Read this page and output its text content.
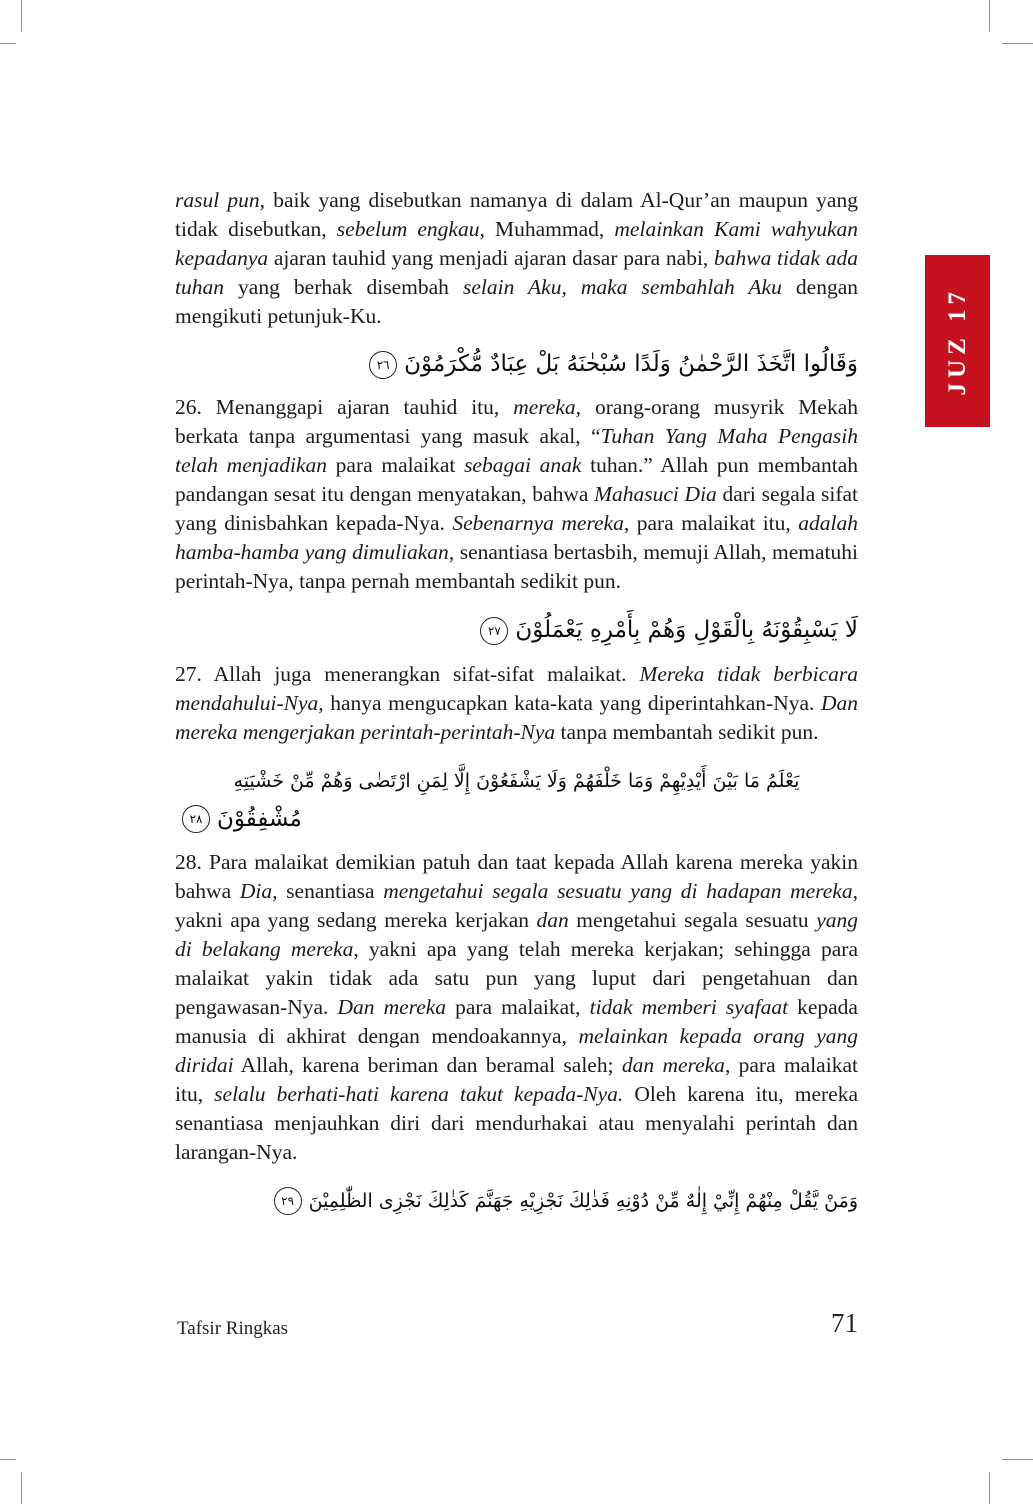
JUZ 17

rasul pun, baik yang disebutkan namanya di dalam Al-Qur’an maupun yang tidak disebutkan, sebelum engkau, Muhammad, melainkan Kami wahyukan kepadanya ajaran tauhid yang menjadi ajaran dasar para nabi, bahwa tidak ada tuhan yang berhak disembah selain Aku, maka sembahlah Aku dengan mengikuti petunjuk-Ku.

وَقَالُوا اتَّخَذَ الرَّحْمٰنُ وَلَدًا سُبْحٰنَهُ بَلْ عِبَادٌ مُّكْرَمُوْنَ٢٦

26. Menanggapi ajaran tauhid itu, mereka, orang-orang musyrik Mekah berkata tanpa argumentasi yang masuk akal, “Tuhan Yang Maha Pengasih telah menjadikan para malaikat sebagai anak tuhan.” Allah pun membantah pandangan sesat itu dengan menyatakan, bahwa Mahasuci Dia dari segala sifat yang dinisbahkan kepada-Nya. Sebenarnya mereka, para malaikat itu, adalah hamba-hamba yang dimuliakan, senantiasa bertasbih, memuji Allah, mematuhi perintah-Nya, tanpa pernah membantah sedikit pun.

لَا يَسْبِقُوْنَهُ بِالْقَوْلِ وَهُمْ بِأَمْرِهِ يَعْمَلُوْنَ٢٧

27. Allah juga menerangkan sifat-sifat malaikat. Mereka tidak berbicara mendahului-Nya, hanya mengucapkan kata-kata yang diperintahkan-Nya. Dan mereka mengerjakan perintah-perintah-Nya tanpa membantah sedikit pun.

يَعْلَمُ مَا بَيْنَ أَيْدِيْهِمْ وَمَا خَلْفَهُمْ وَلَا يَشْفَعُوْنَ إِلَّا لِمَنِ ارْتَضٰى وَهُمْ مِّنْ خَشْيَتِهِ
مُشْفِقُوْنَ٢٨

28. Para malaikat demikian patuh dan taat kepada Allah karena mereka yakin bahwa Dia, senantiasa mengetahui segala sesuatu yang di hadapan mereka, yakni apa yang sedang mereka kerjakan dan mengetahui segala sesuatu yang di belakang mereka, yakni apa yang telah mereka kerjakan; sehingga para malaikat yakin tidak ada satu pun yang luput dari pengetahuan dan pengawasan-Nya. Dan mereka para malaikat, tidak memberi syafaat kepada manusia di akhirat dengan mendoakannya, melainkan kepada orang yang diridai Allah, karena beriman dan beramal saleh; dan mereka, para malaikat itu, selalu berhati-hati karena takut kepada-Nya. Oleh karena itu, mereka senantiasa menjauhkan diri dari mendurhakai atau menyalahi perintah dan larangan-Nya.

وَمَنْ يَّقُلْ مِنْهُمْ إِنِّيْ إِلٰهٌ مِّنْ دُوْنِهِ فَذٰلِكَ نَجْزِيْهِ جَهَنَّمَ كَذٰلِكَ نَجْزِى الظّٰلِمِيْنَ٢٩
Tafsir Ringkas	71
